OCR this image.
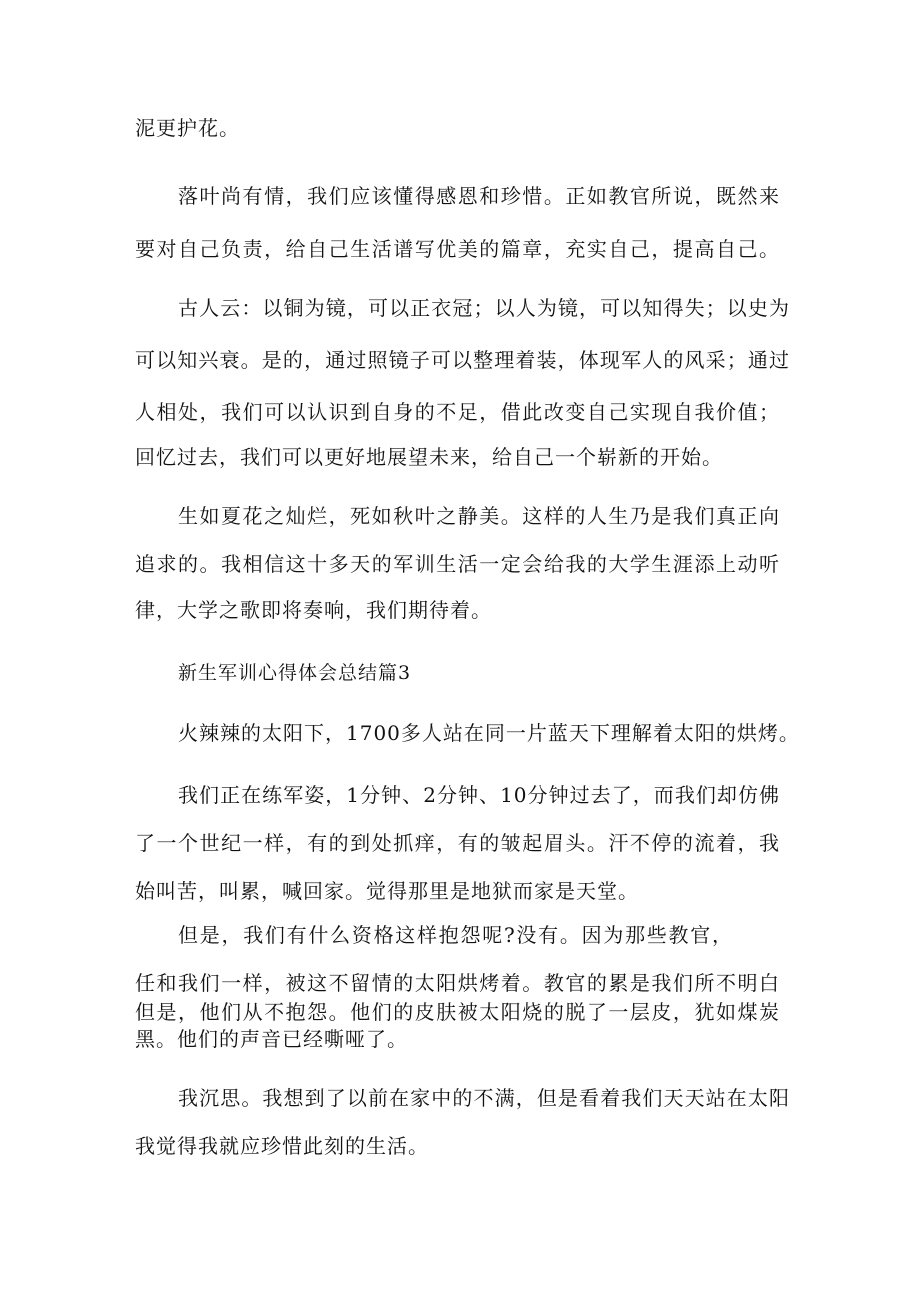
泥更护花。

落叶尚有情，我们应该懂得感恩和珍惜。正如教官所说，既然来

要对自己负责，给自己生活谱写优美的篇章，充实自己，提高自己。

古人云：以铜为镜，可以正衣冠；以人为镜，可以知得失；以史为

可以知兴衰。是的，通过照镜子可以整理着装，体现军人的风采；通过

人相处，我们可以认识到自身的不足，借此改变自己实现自我价值；

回忆过去，我们可以更好地展望未来，给自己一个崭新的开始。

生如夏花之灿烂，死如秋叶之静美。这样的人生乃是我们真正向

追求的。我相信这十多天的军训生活一定会给我的大学生涯添上动听

律，大学之歌即将奏响，我们期待着。

新生军训心得体会总结篇3

火辣辣的太阳下，1700多人站在同一片蓝天下理解着太阳的烘烤。

我们正在练军姿，1分钟、2分钟、10分钟过去了，而我们却仿佛

了一个世纪一样，有的到处抓痒，有的皱起眉头。汗不停的流着，我

始叫苦，叫累，喊回家。觉得那里是地狱而家是天堂。

但是，我们有什么资格这样抱怨呢?没有。因为那些教官，

任和我们一样，被这不留情的太阳烘烤着。教官的累是我们所不明白

但是，他们从不抱怨。他们的皮肤被太阳烧的脱了一层皮，犹如煤炭

黑。他们的声音已经嘶哑了。

我沉思。我想到了以前在家中的不满，但是看着我们天天站在太阳

我觉得我就应珍惜此刻的生活。
